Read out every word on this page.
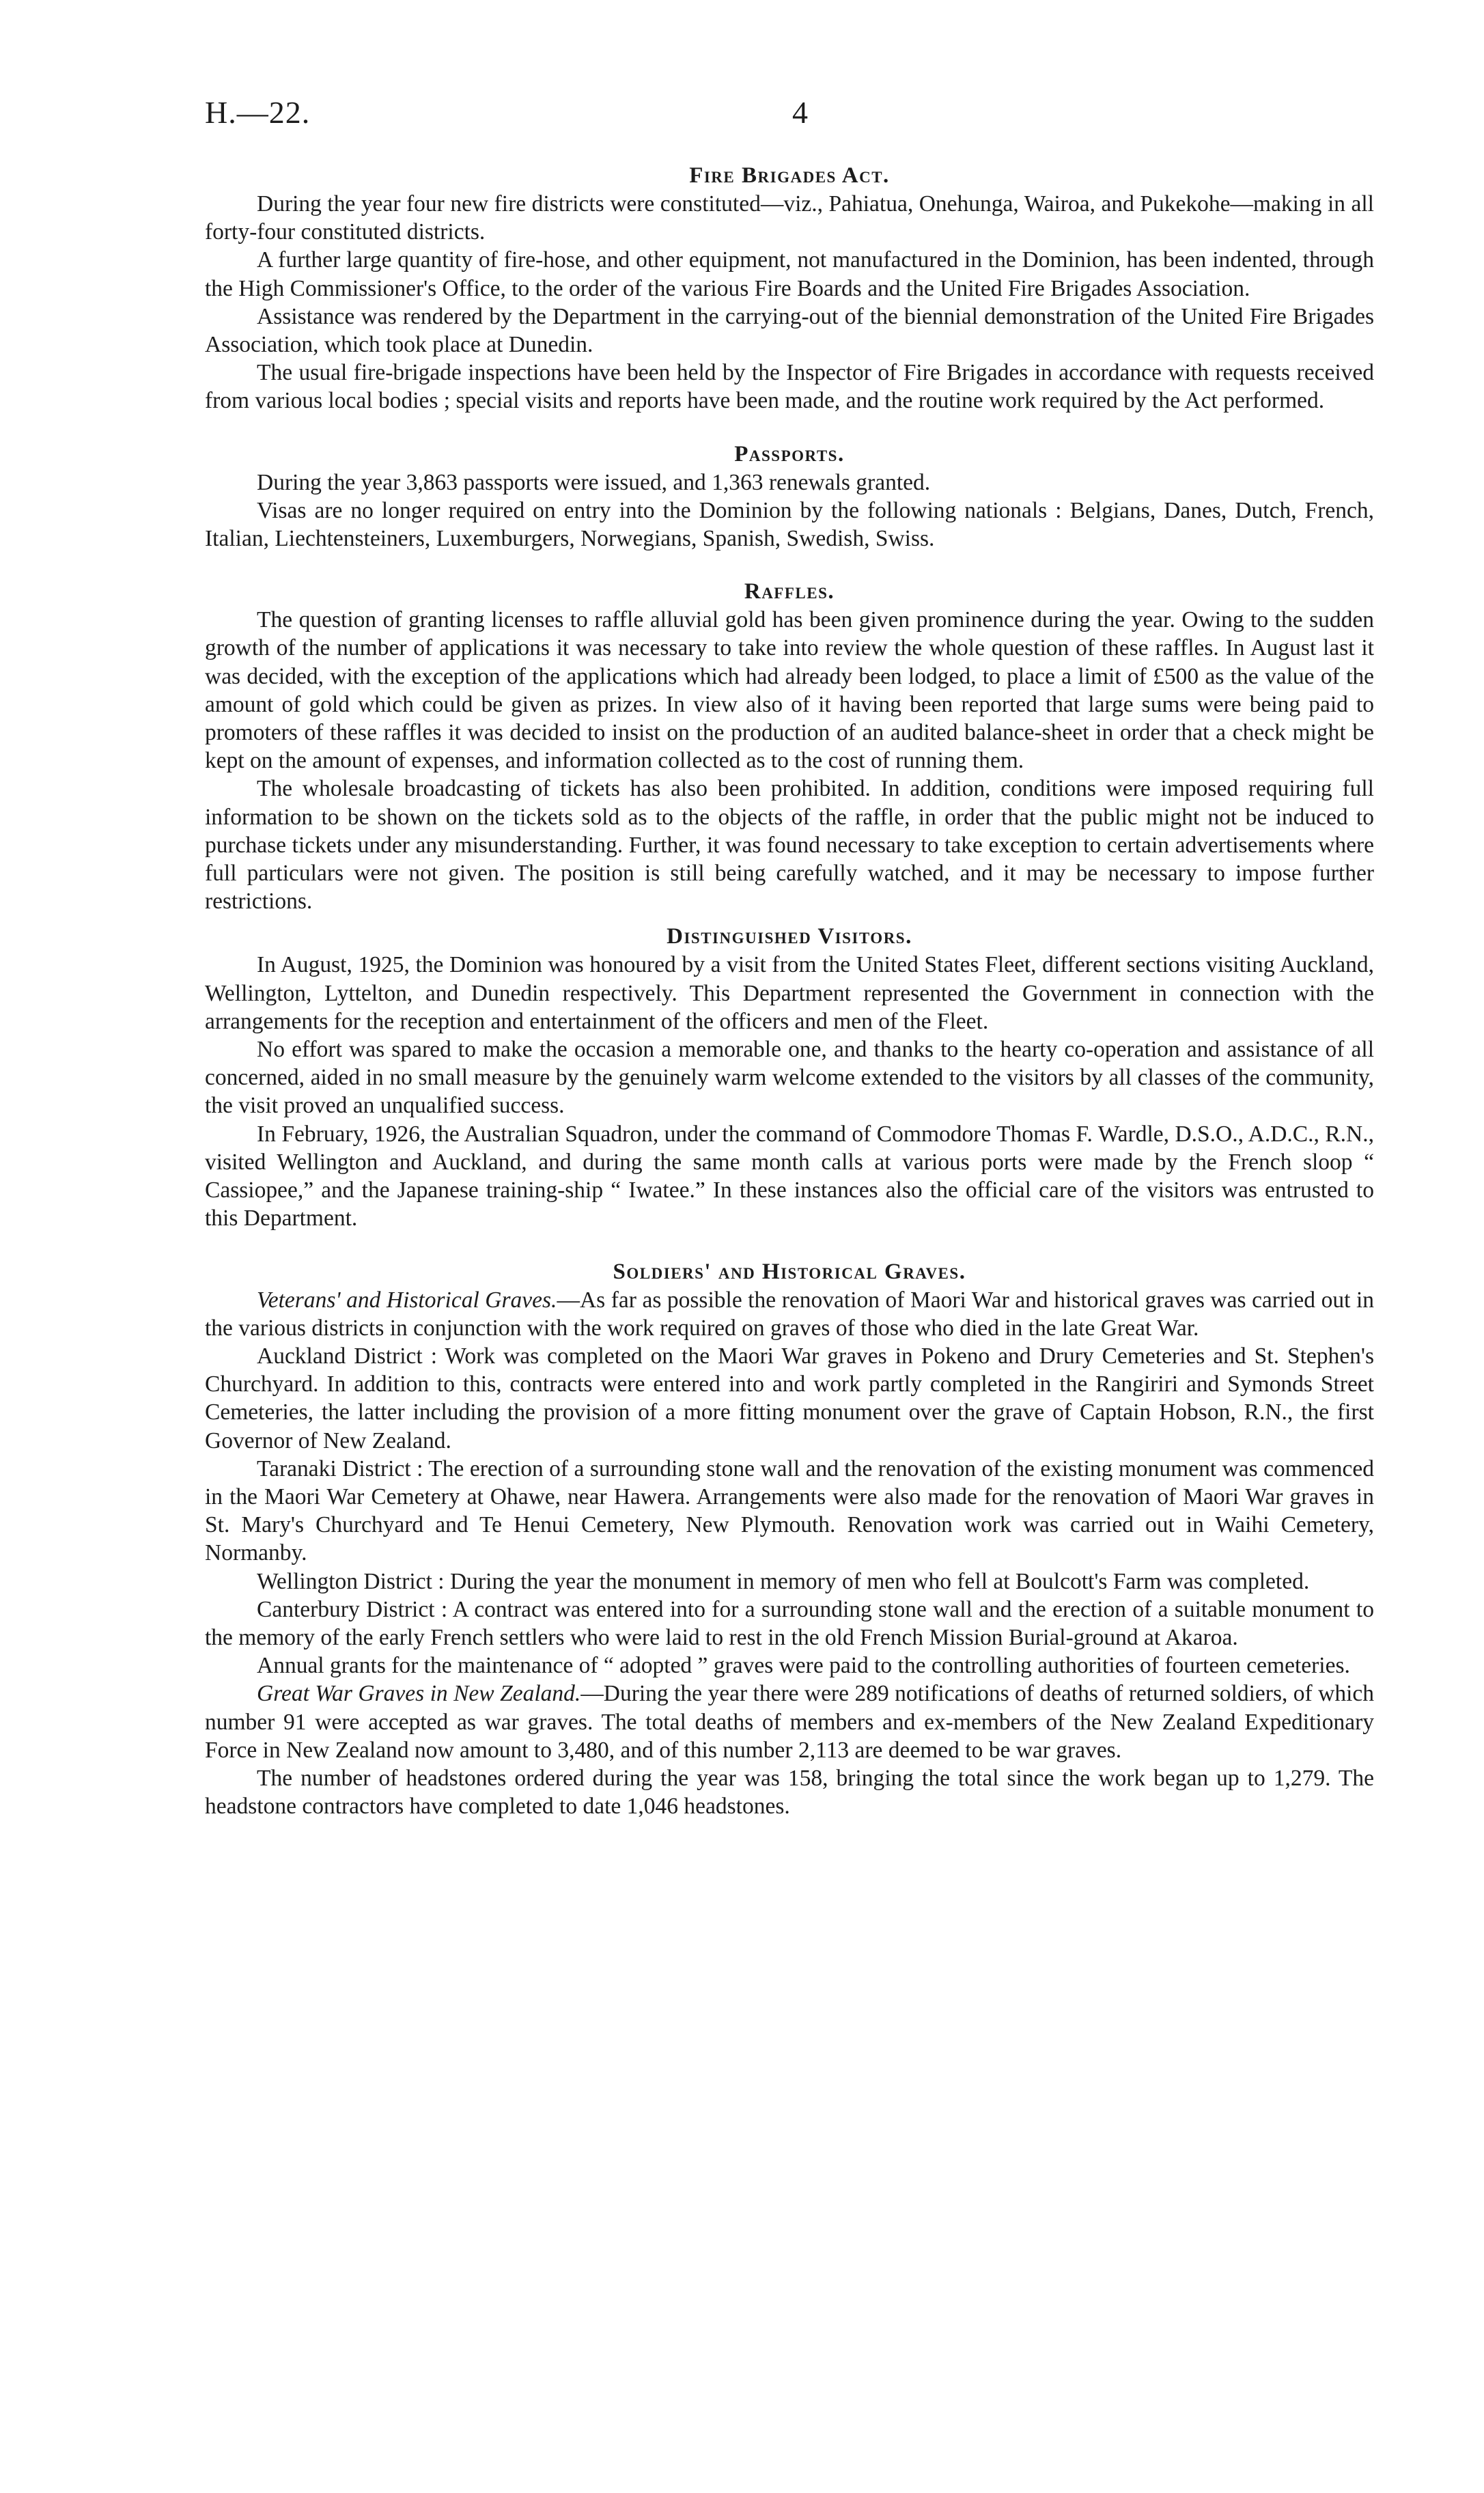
H.—22.	4
Fire Brigades Act.

During the year four new fire districts were constituted—viz., Pahiatua, Onehunga, Wairoa, and Pukekohe—making in all forty-four constituted districts.

A further large quantity of fire-hose, and other equipment, not manufactured in the Dominion, has been indented, through the High Commissioner's Office, to the order of the various Fire Boards and the United Fire Brigades Association.

Assistance was rendered by the Department in the carrying-out of the biennial demonstration of the United Fire Brigades Association, which took place at Dunedin.

The usual fire-brigade inspections have been held by the Inspector of Fire Brigades in accordance with requests received from various local bodies ; special visits and reports have been made, and the routine work required by the Act performed.

Passports.

During the year 3,863 passports were issued, and 1,363 renewals granted.

Visas are no longer required on entry into the Dominion by the following nationals : Belgians, Danes, Dutch, French, Italian, Liechtensteiners, Luxemburgers, Norwegians, Spanish, Swedish, Swiss.

Raffles.

The question of granting licenses to raffle alluvial gold has been given prominence during the year. Owing to the sudden growth of the number of applications it was necessary to take into review the whole question of these raffles. In August last it was decided, with the exception of the applications which had already been lodged, to place a limit of £500 as the value of the amount of gold which could be given as prizes. In view also of it having been reported that large sums were being paid to promoters of these raffles it was decided to insist on the production of an audited balance-sheet in order that a check might be kept on the amount of expenses, and information collected as to the cost of running them.

The wholesale broadcasting of tickets has also been prohibited. In addition, conditions were imposed requiring full information to be shown on the tickets sold as to the objects of the raffle, in order that the public might not be induced to purchase tickets under any misunderstanding. Further, it was found necessary to take exception to certain advertisements where full particulars were not given. The position is still being carefully watched, and it may be necessary to impose further restrictions.

Distinguished Visitors.

In August, 1925, the Dominion was honoured by a visit from the United States Fleet, different sections visiting Auckland, Wellington, Lyttelton, and Dunedin respectively. This Department represented the Government in connection with the arrangements for the reception and entertainment of the officers and men of the Fleet.

No effort was spared to make the occasion a memorable one, and thanks to the hearty co-operation and assistance of all concerned, aided in no small measure by the genuinely warm welcome extended to the visitors by all classes of the community, the visit proved an unqualified success.

In February, 1926, the Australian Squadron, under the command of Commodore Thomas F. Wardle, D.S.O., A.D.C., R.N., visited Wellington and Auckland, and during the same month calls at various ports were made by the French sloop “ Cassiopee,” and the Japanese training-ship “ Iwatee.” In these instances also the official care of the visitors was entrusted to this Department.

Soldiers' and Historical Graves.

Veterans' and Historical Graves.—As far as possible the renovation of Maori War and historical graves was carried out in the various districts in conjunction with the work required on graves of those who died in the late Great War.

Auckland District : Work was completed on the Maori War graves in Pokeno and Drury Cemeteries and St. Stephen's Churchyard. In addition to this, contracts were entered into and work partly completed in the Rangiriri and Symonds Street Cemeteries, the latter including the provision of a more fitting monument over the grave of Captain Hobson, R.N., the first Governor of New Zealand.

Taranaki District : The erection of a surrounding stone wall and the renovation of the existing monument was commenced in the Maori War Cemetery at Ohawe, near Hawera. Arrangements were also made for the renovation of Maori War graves in St. Mary's Churchyard and Te Henui Cemetery, New Plymouth. Renovation work was carried out in Waihi Cemetery, Normanby.

Wellington District : During the year the monument in memory of men who fell at Boulcott's Farm was completed.

Canterbury District : A contract was entered into for a surrounding stone wall and the erection of a suitable monument to the memory of the early French settlers who were laid to rest in the old French Mission Burial-ground at Akaroa.

Annual grants for the maintenance of “ adopted ” graves were paid to the controlling authorities of fourteen cemeteries.

Great War Graves in New Zealand.—During the year there were 289 notifications of deaths of returned soldiers, of which number 91 were accepted as war graves. The total deaths of members and ex-members of the New Zealand Expeditionary Force in New Zealand now amount to 3,480, and of this number 2,113 are deemed to be war graves.

The number of headstones ordered during the year was 158, bringing the total since the work began up to 1,279. The headstone contractors have completed to date 1,046 headstones.
